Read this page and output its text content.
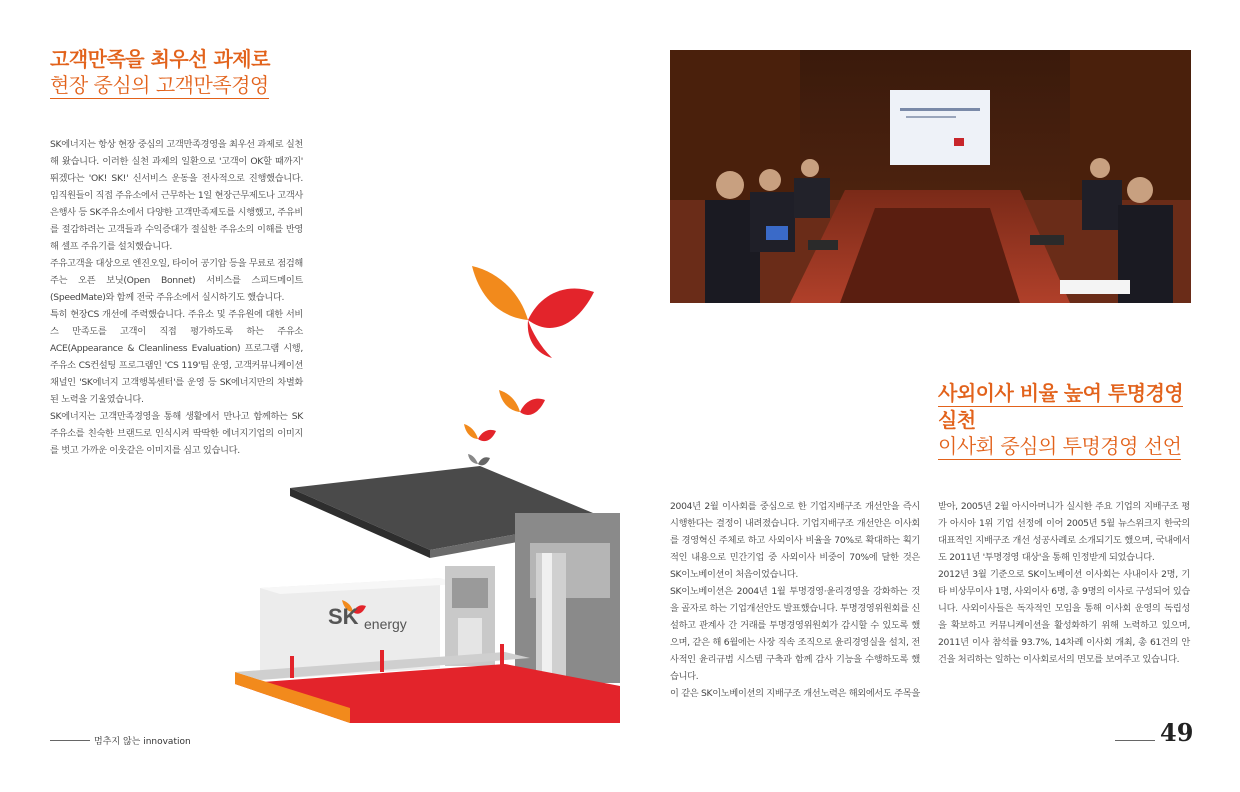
고객만족을 최우선 과제로
현장 중심의 고객만족경영

SK에너지는 항상 현장 중심의 고객만족경영을 최우선 과제로 실천해 왔습니다. 이러한 실천 과제의 일환으로 '고객이 OK할 때까지' 뛰겠다는 'OK! SK!' 신서비스 운동을 전사적으로 진행했습니다. 임직원들이 직접 주유소에서 근무하는 1일 현장근무제도나 고객사은행사 등 SK주유소에서 다양한 고객만족제도를 시행했고, 주유비를 절감하려는 고객들과 수익증대가 절실한 주유소의 이해를 반영해 셀프 주유기를 설치했습니다.

주유고객을 대상으로 엔진오일, 타이어 공기압 등을 무료로 점검해주는 오픈 보닛(Open Bonnet) 서비스를 스피드메이트(SpeedMate)와 함께 전국 주유소에서 실시하기도 했습니다.

특히 현장CS 개선에 주력했습니다. 주유소 및 주유원에 대한 서비스 만족도를 고객이 직접 평가하도록 하는 주유소 ACE(Appearance & Cleanliness Evaluation) 프로그램 시행, 주유소 CS컨설팅 프로그램인 'CS 119'팀 운영, 고객커뮤니케이션채널인 'SK에너지 고객행복센터'를 운영 등 SK에너지만의 차별화된 노력을 기울였습니다.

SK에너지는 고객만족경영을 통해 생활에서 만나고 함께하는 SK 주유소를 친숙한 브랜드로 인식시켜 딱딱한 에너지기업의 이미지를 벗고 가까운 이웃같은 이미지를 심고 있습니다.

SK energy
멈추지 않는 innovation
사외이사 비율 높여 투명경영
실천
이사회 중심의 투명경영 선언

2004년 2월 이사회를 중심으로 한 기업지배구조 개선안을 즉시 시행한다는 결정이 내려졌습니다. 기업지배구조 개선안은 이사회를 경영혁신 주체로 하고 사외이사 비율을 70%로 확대하는 획기적인 내용으로 민간기업 중 사외이사 비중이 70%에 달한 것은 SK이노베이션이 처음이었습니다.

SK이노베이션은 2004년 1월 투명경영·윤리경영을 강화하는 것을 골자로 하는 기업개선안도 발표했습니다. 투명경영위원회를 신설하고 관계사 간 거래를 투명경영위원회가 감시할 수 있도록 했으며, 같은 해 6월에는 사장 직속 조직으로 윤리경영실을 설치, 전사적인 윤리규범 시스템 구축과 함께 감사 기능을 수행하도록 했습니다.

이 같은 SK이노베이션의 지배구조 개선노력은 해외에서도 주목을

받아, 2005년 2월 아시아머니가 실시한 주요 기업의 지배구조 평가 아시아 1위 기업 선정에 이어 2005년 5월 뉴스위크지 한국의 대표적인 지배구조 개선 성공사례로 소개되기도 했으며, 국내에서도 2011년 '투명경영 대상'을 통해 인정받게 되었습니다.

2012년 3월 기준으로 SK이노베이션 이사회는 사내이사 2명, 기타 비상무이사 1명, 사외이사 6명, 총 9명의 이사로 구성되어 있습니다. 사외이사들은 독자적인 모임을 통해 이사회 운영의 독립성을 확보하고 커뮤니케이션을 활성화하기 위해 노력하고 있으며, 2011년 이사 참석률 93.7%, 14차례 이사회 개최, 총 61건의 안건을 처리하는 일하는 이사회로서의 면모를 보여주고 있습니다.

49
